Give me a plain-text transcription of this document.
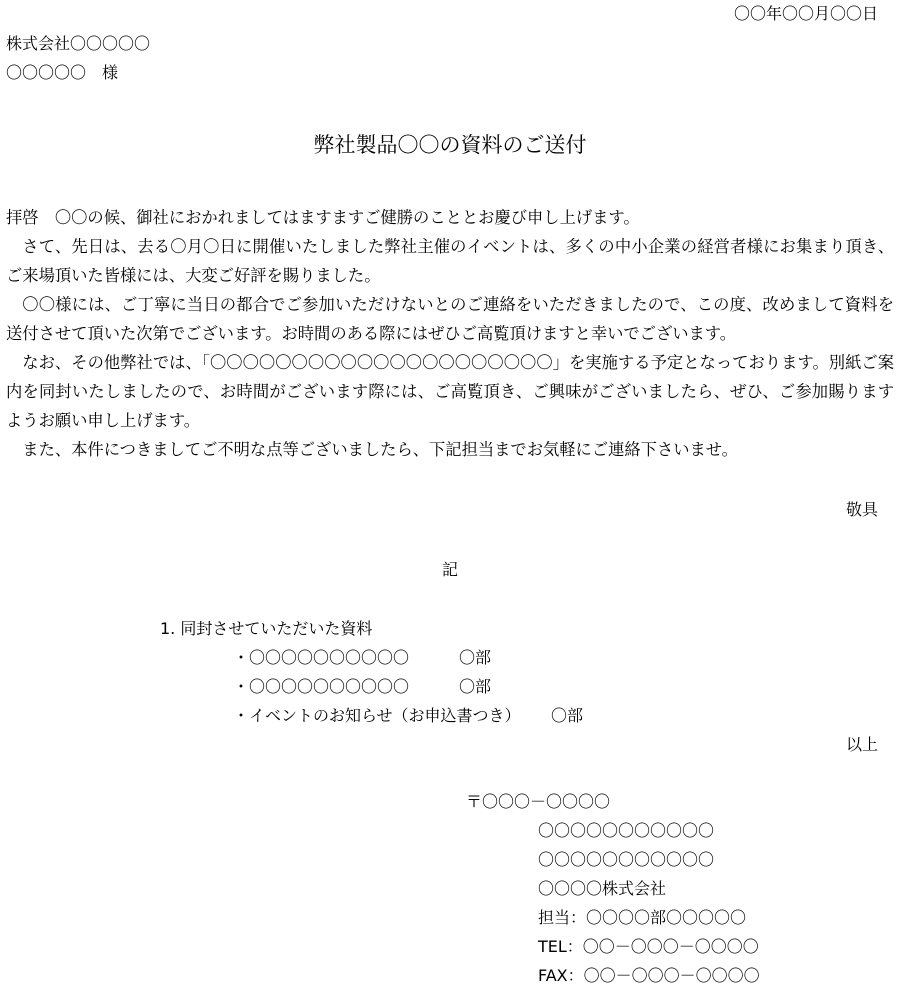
〇〇年〇〇月〇〇日
株式会社〇〇〇〇〇
〇〇〇〇〇　様
弊社製品〇〇の資料のご送付

拝啓　〇〇の候、御社におかれましてはますますご健勝のこととお慶び申し上げます。

さて、先日は、去る〇月〇日に開催いたしました弊社主催のイベントは、多くの中小企業の経営者様にお集まり頂き、ご来場頂いた皆様には、大変ご好評を賜りました。

〇〇様には、ご丁寧に当日の都合でご参加いただけないとのご連絡をいただきましたので、この度、改めまして資料を送付させて頂いた次第でございます。お時間のある際にはぜひご高覧頂けますと幸いでございます。

なお、その他弊社では、「〇〇〇〇〇〇〇〇〇〇〇〇〇〇〇〇〇〇〇〇〇」を実施する予定となっております。別紙ご案内を同封いたしましたので、お時間がございます際には、ご高覧頂き、ご興味がございましたら、ぜひ、ご参加賜りますようお願い申し上げます。

また、本件につきましてご不明な点等ございましたら、下記担当までお気軽にご連絡下さいませ。

敬具
記
1. 同封させていただいた資料
・〇〇〇〇〇〇〇〇〇〇	〇部
・〇〇〇〇〇〇〇〇〇〇	〇部
・イベントのお知らせ（お申込書つき） 〇部
以上
〒〇〇〇－〇〇〇〇
〇〇〇〇〇〇〇〇〇〇〇
〇〇〇〇〇〇〇〇〇〇〇
〇〇〇〇株式会社
担当：〇〇〇〇部〇〇〇〇〇
TEL：〇〇－〇〇〇－〇〇〇〇
FAX：〇〇－〇〇〇－〇〇〇〇
